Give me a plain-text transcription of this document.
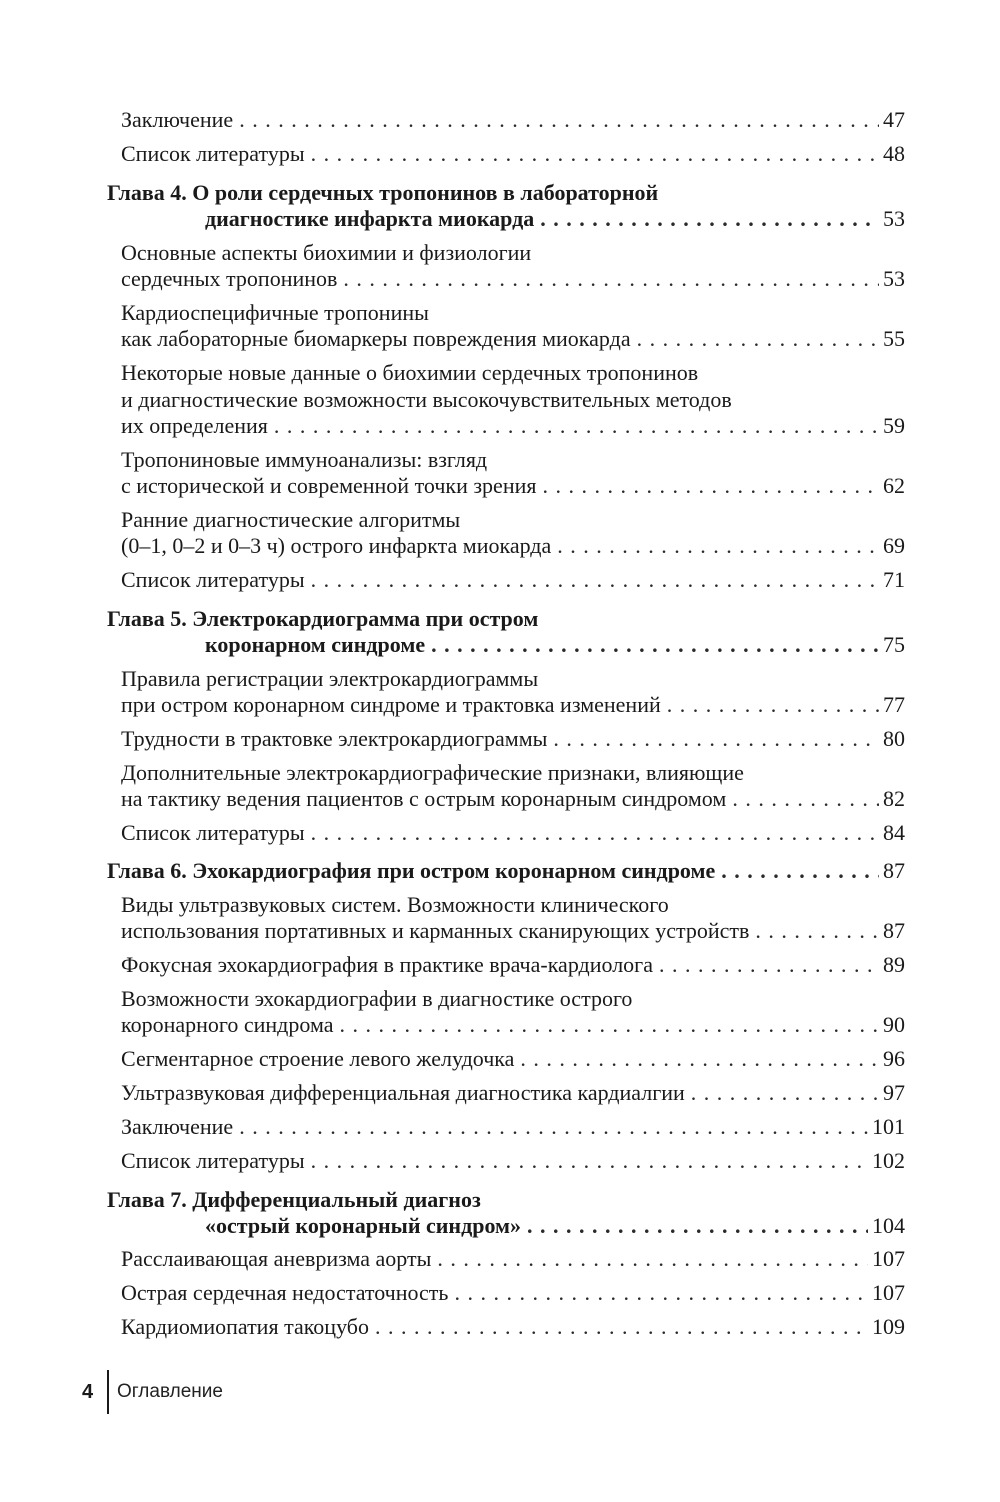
Заключение . . .	47
Список литературы . . .	48
Глава 4. О роли сердечных тропонинов в лабораторной
диагностике инфаркта миокарда . . .	53
Основные аспекты биохимии и физиологии
сердечных тропонинов . . .	53
Кардиоспецифичные тропонины
как лабораторные биомаркеры повреждения миокарда . . .	55
Некоторые новые данные о биохимии сердечных тропонинов
и диагностические возможности высокочувствительных методов
их определения . . .	59
Тропониновые иммуноанализы: взгляд
с исторической и современной точки зрения . . .	62
Ранние диагностические алгоритмы
(0–1, 0–2 и 0–3 ч) острого инфаркта миокарда . . .	69
Список литературы . . .	71
Глава 5. Электрокардиограмма при остром
коронарном синдроме . . .	75
Правила регистрации электрокардиограммы
при остром коронарном синдроме и трактовка изменений . . .	77
Трудности в трактовке электрокардиограммы . . .	80
Дополнительные электрокардиографические признаки, влияющие
на тактику ведения пациентов с острым коронарным синдромом . . .	82
Список литературы . . .	84
Глава 6. Эхокардиография при остром коронарном синдроме . . .	87
Виды ультразвуковых систем. Возможности клинического
использования портативных и карманных сканирующих устройств . . .	87
Фокусная эхокардиография в практике врача-кардиолога . . .	89
Возможности эхокардиографии в диагностике острого
коронарного синдрома . . .	90
Сегментарное строение левого желудочка . . .	96
Ультразвуковая дифференциальная диагностика кардиалгии . . .	97
Заключение . . .	101
Список литературы . . .	102
Глава 7. Дифференциальный диагноз
«острый коронарный синдром» . . .	104
Расслаивающая аневризма аорты . . .	107
Острая сердечная недостаточность . . .	107
Кардиомиопатия такоцубо . . .	109
4 Оглавление
